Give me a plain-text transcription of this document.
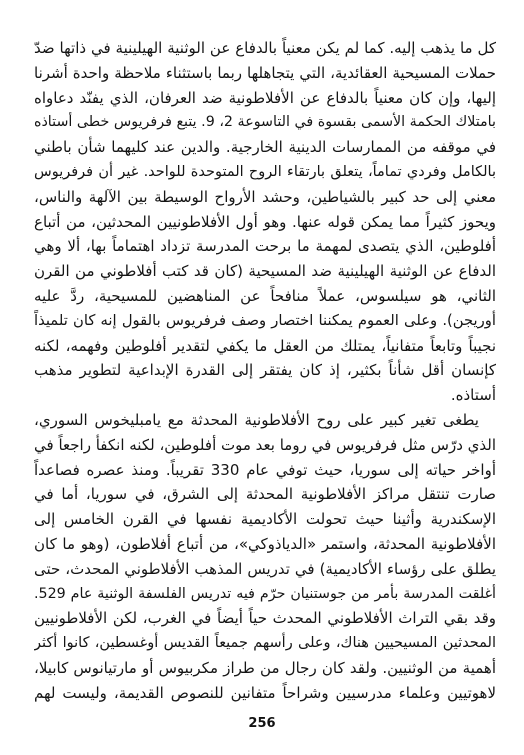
كل ما يذهب إليه. كما لم يكن معنياً بالدفاع عن الوثنية الهيلينية في ذاتها ضدّ
حملات المسيحية العقائدية، التي يتجاهلها ربما باستثناء ملاحظة واحدة أشرنا
إليها، وإن كان معنياً بالدفاع عن الأفلاطونية ضد العرفان، الذي يفنّد دعاواه
بامتلاك الحكمة الأسمى بقسوة في التاسوعة 2، 9. يتبع فرفريوس خطى أستاذه
في موقفه من الممارسات الدينية الخارجية. والدين عند كليهما شأن باطني
بالكامل وفردي تماماً، يتعلق بارتقاء الروح المتوحدة للواحد. غير أن فرفريوس
معني إلى حد كبير بالشياطين، وحشد الأرواح الوسيطة بين الآلهة والناس،
ويحوز كثيراً مما يمكن قوله عنها. وهو أول الأفلاطونيين المحدثين، من أتباع
أفلوطين، الذي يتصدى لمهمة ما برحت المدرسة تزداد اهتماماً بها، ألا وهي
الدفاع عن الوثنية الهيلينية ضد المسيحية (كان قد كتب أفلاطوني من القرن
الثاني، هو سيلسوس، عملاً منافحاً عن المناهضين للمسيحية، ردَّ عليه
أوريجن). وعلى العموم يمكننا اختصار وصف فرفريوس بالقول إنه كان تلميذاً
نجيباً وتابعاً متفانياً، يمتلك من العقل ما يكفي لتقدير أفلوطين وفهمه، لكنه
كإنسان أقل شأناً بكثير، إذ كان يفتقر إلى القدرة الإبداعية لتطوير مذهب
أستاذه.
يطغى تغير كبير على روح الأفلاطونية المحدثة مع يامبليخوس السوري،
الذي درّس مثل فرفريوس في روما بعد موت أفلوطين، لكنه انكفأ راجعاً في
أواخر حياته إلى سوريا، حيث توفي عام 330 تقريباً. ومنذ عصره فصاعداً
صارت تنتقل مراكز الأفلاطونية المحدثة إلى الشرق، في سوريا، أما في
الإسكندرية وأثينا حيث تحولت الأكاديمية نفسها في القرن الخامس إلى
الأفلاطونية المحدثة، واستمر «الدياذوكي»، من أتباع أفلاطون، (وهو ما كان
يطلق على رؤساء الأكاديمية) في تدريس المذهب الأفلاطوني المحدث، حتى
أغلقت المدرسة بأمر من جوستنيان حرّم فيه تدريس الفلسفة الوثنية عام 529.
وقد بقي التراث الأفلاطوني المحدث حياً أيضاً في الغرب، لكن الأفلاطونيين
المحدثين المسيحيين هناك، وعلى رأسهم جميعاً القديس أوغسطين، كانوا أكثر
أهمية من الوثنيين. ولقد كان رجال من طراز مكربيوس أو مارتيانوس كابيلا،
لاهوتيين وعلماء مدرسيين وشراحاً متفانين للنصوص القديمة، وليست لهم
256
